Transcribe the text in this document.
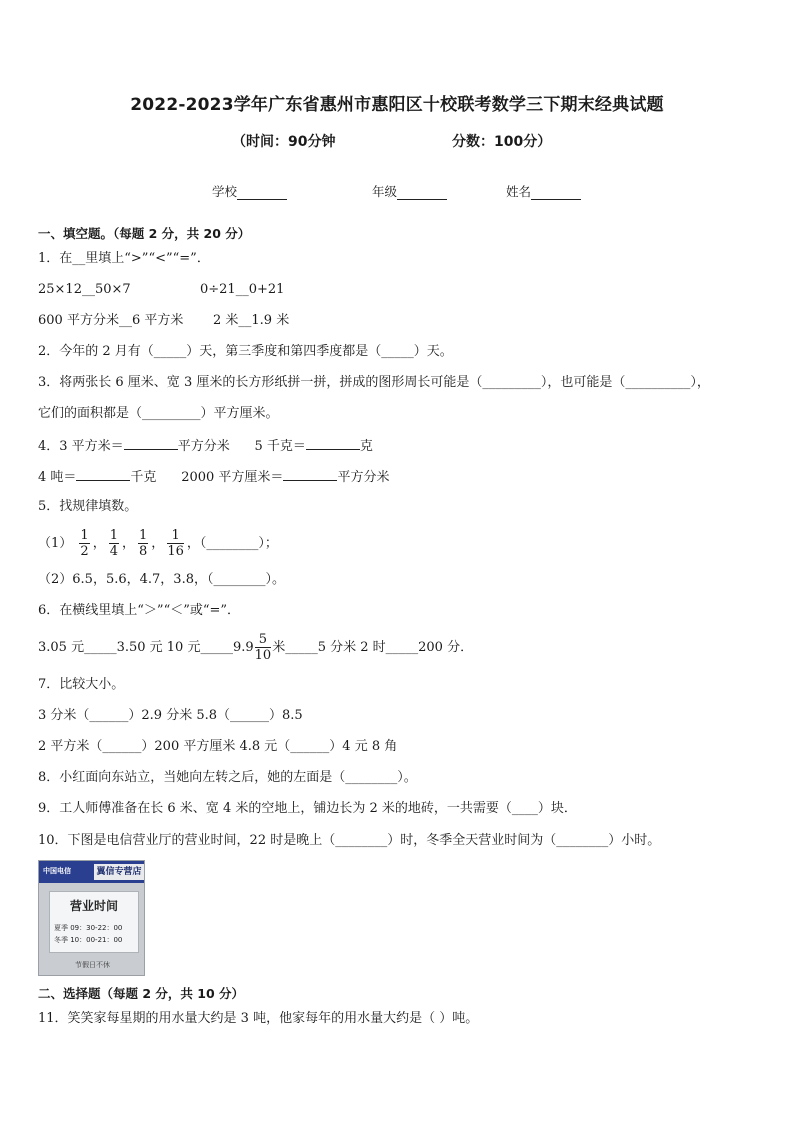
2022-2023学年广东省惠州市惠阳区十校联考数学三下期末经典试题
（时间：90分钟	分数：100分）
学校	年级	姓名
一、填空题。（每题 2 分，共 20 分）
1．在__里填上“>”“<”“=”．
25×12__50×7	0÷21__0+21
600 平方分米__6 平方米 2 米__1.9 米
2．今年的 2 月有（_____）天，第三季度和第四季度都是（_____）天。
3．将两张长 6 厘米、宽 3 厘米的长方形纸拼一拼，拼成的图形周长可能是（_________），也可能是（__________），
它们的面积都是（_________）平方厘米。
4．3 平方米＝	平方分米 5 千克＝	克
4 吨＝	千克 2000 平方厘米＝	平方分米
5．找规律填数。
$(1) \frac{1}{2}$ ， $\frac{1}{4}$ ， $\frac{1}{8}$ ， $\frac{1}{16}$ ，（________）；
（2）6.5，5.6，4.7，3.8，（________）。
6．在横线里填上“＞”“＜”或“=”．
3.05 元_____3.50 元 10 元_____9.9 $\frac{5}{10}$ 米_____5 分米 2 时_____200 分．
7．比较大小。
3 分米（______）2.9 分米 5.8（______）8.5
2 平方米（______）200 平方厘米 4.8 元（______）4 元 8 角
8．小红面向东站立，当她向左转之后，她的左面是（________）。
9．工人师傅准备在长 6 米、宽 4 米的空地上，铺边长为 2 米的地砖，一共需要（____）块．
10．下图是电信营业厅的营业时间，22 时是晚上（________）时，冬季全天营业时间为（________）小时。
中国电信	翼信专营店
营业时间
夏季 09：30-22：00
冬季 10：00-21：00
节假日不休
二、选择题（每题 2 分，共 10 分）
11．笑笑家每星期的用水量大约是 3 吨，他家每年的用水量大约是（ ）吨。
